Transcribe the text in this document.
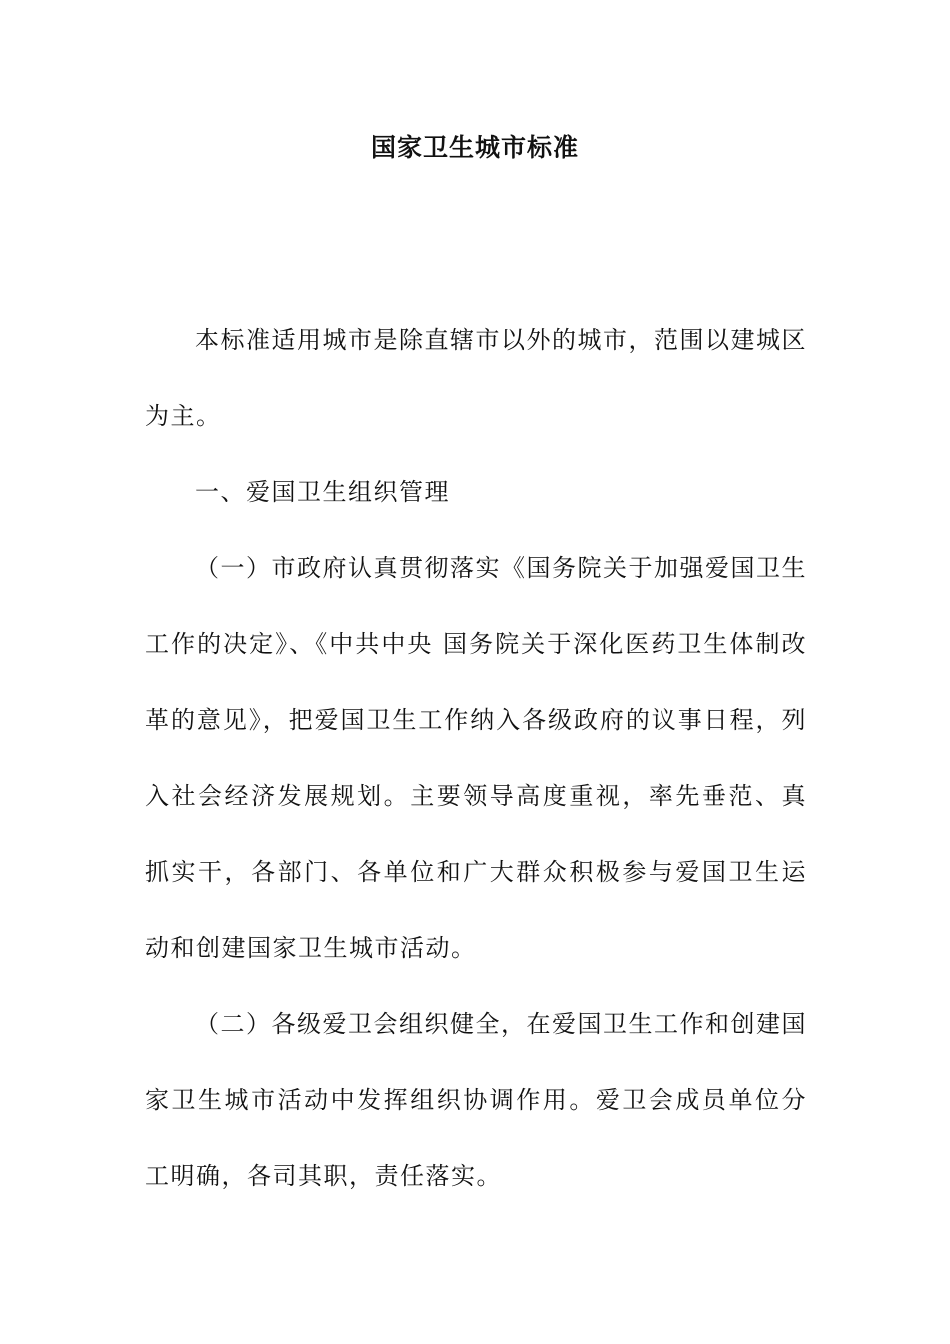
国家卫生城市标准

本标准适用城市是除直辖市以外的城市，范围以建城区为主。

一、爱国卫生组织管理

（一）市政府认真贯彻落实《国务院关于加强爱国卫生工作的决定》、《中共中央 国务院关于深化医药卫生体制改革的意见》，把爱国卫生工作纳入各级政府的议事日程，列入社会经济发展规划。主要领导高度重视，率先垂范、真抓实干，各部门、各单位和广大群众积极参与爱国卫生运动和创建国家卫生城市活动。

（二）各级爱卫会组织健全，在爱国卫生工作和创建国家卫生城市活动中发挥组织协调作用。爱卫会成员单位分工明确，各司其职，责任落实。
